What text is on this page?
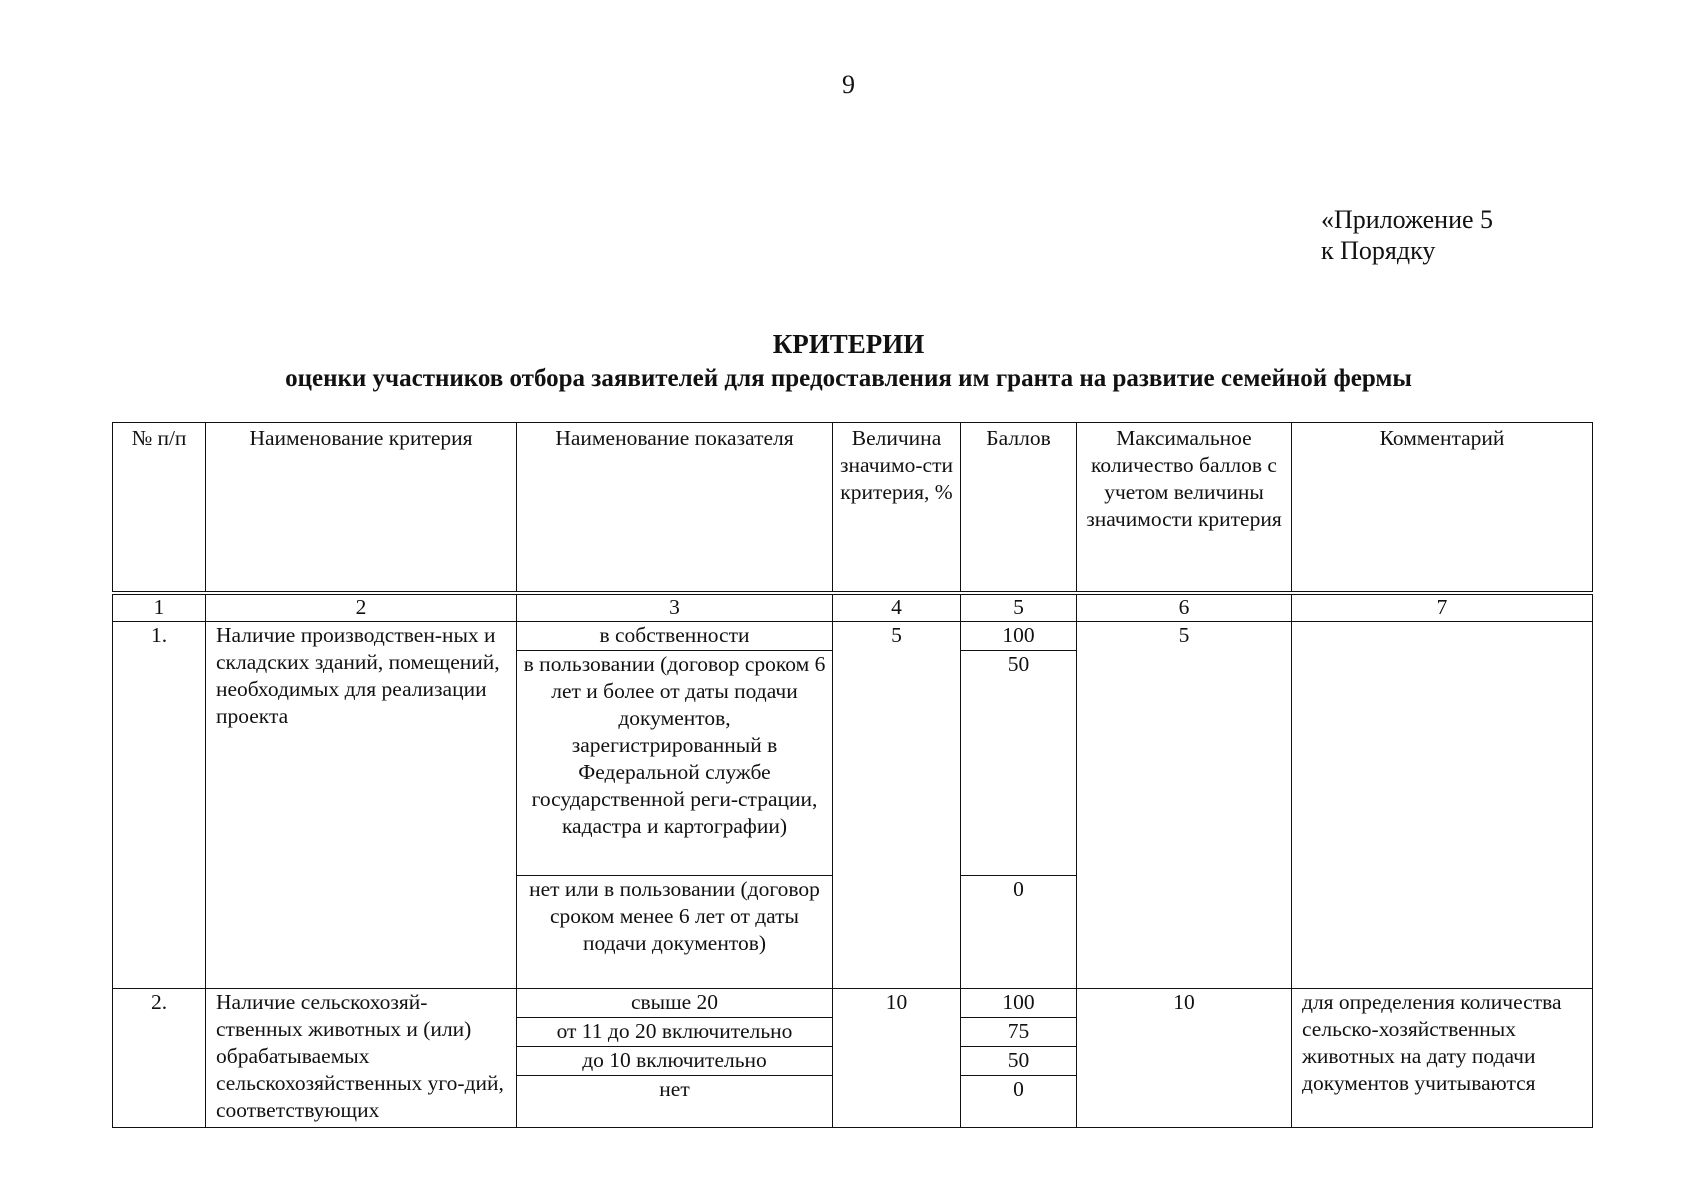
9
«Приложение 5
к Порядку
КРИТЕРИИ
оценки участников отбора заявителей для предоставления им гранта на развитие семейной фермы
№ п/п	Наименование критерия	Наименование показателя	Величина значимо-сти критерия, %	Баллов	Максимальное количество баллов с учетом величины значимости критерия	Комментарий
1	2	3	4	5	6	7
1.	Наличие производствен-ных и складских зданий, помещений, необходимых для реализации проекта	в собственности	5	100	5	
		в пользовании (договор сроком 6 лет и более от даты подачи документов, зарегистрированный в Федеральной службе государственной реги-страции, кадастра и картографии)		50		
		нет или в пользовании (договор сроком менее 6 лет от даты подачи документов)		0		
2.	Наличие сельскохозяй-ственных животных и (или) обрабатываемых сельскохозяйственных уго-дий, соответствующих	свыше 20	10	100	10	для определения количества сельско-хозяйственных животных на дату подачи документов учитываются
		от 11 до 20 включительно		75		
		до 10 включительно		50		
		нет		0		
